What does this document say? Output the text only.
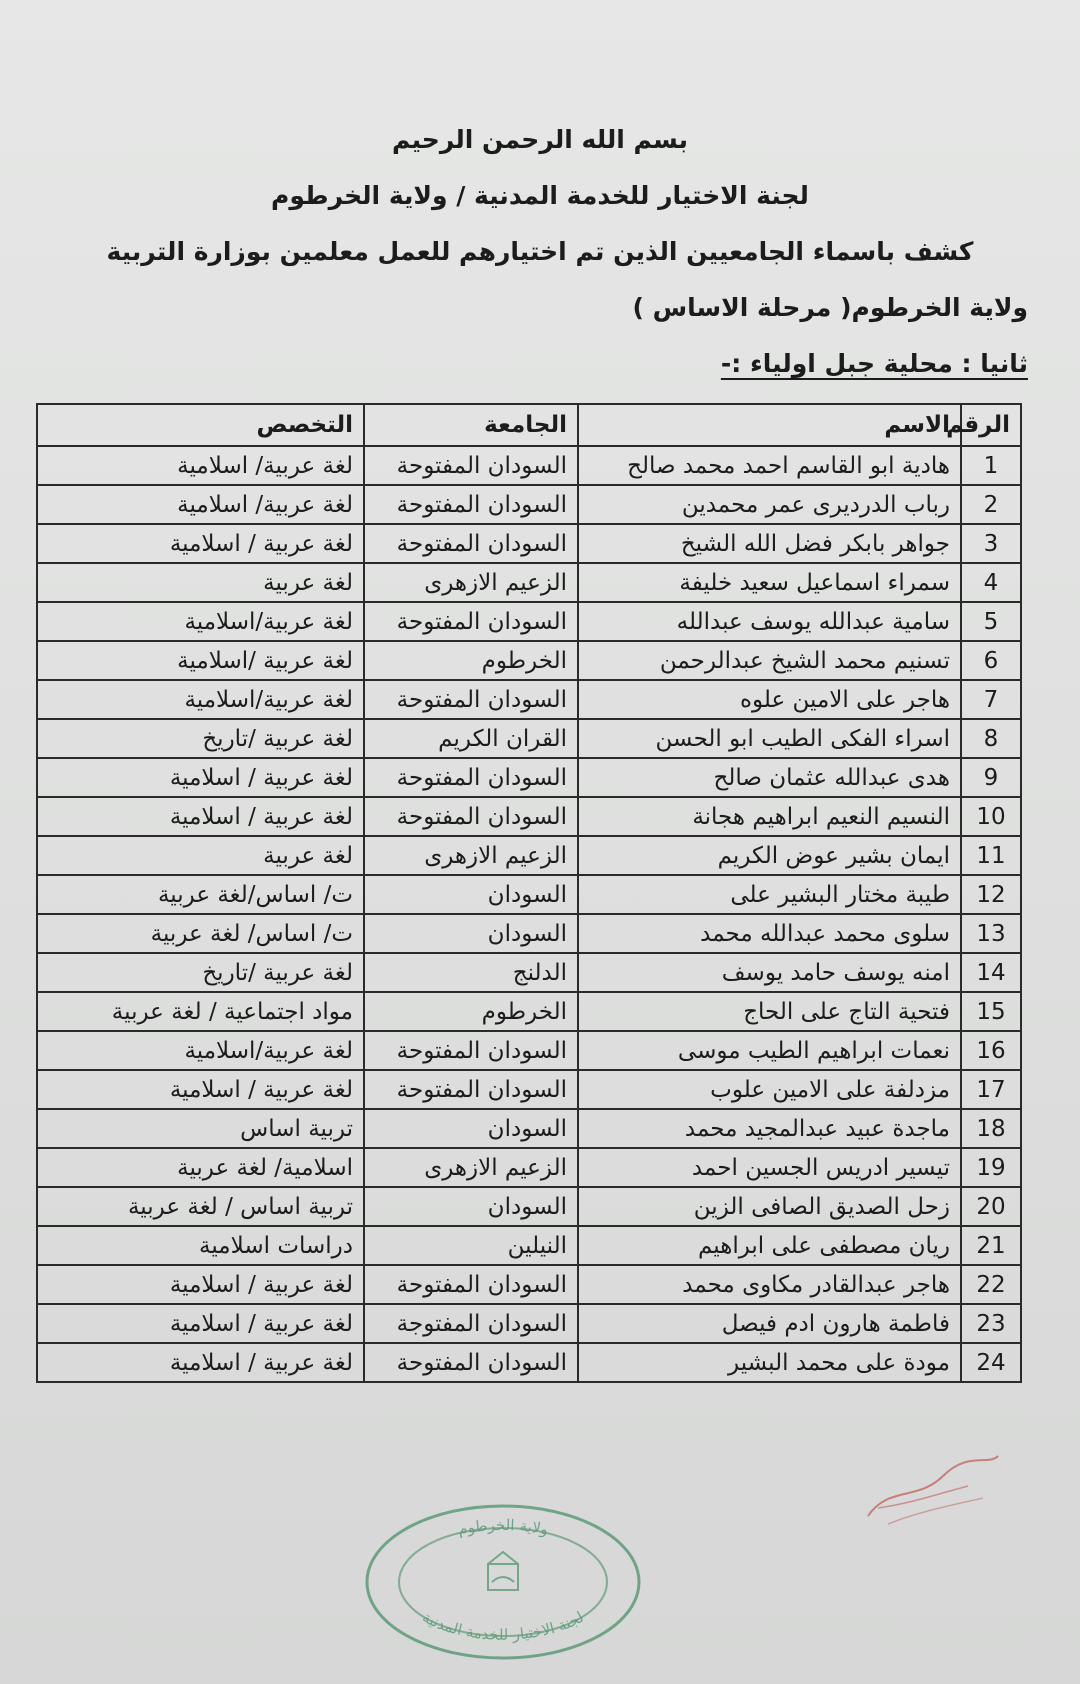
بسم الله الرحمن الرحيم

لجنة الاختيار للخدمة المدنية / ولاية الخرطوم

كشف باسماء الجامعيين الذين تم اختيارهم للعمل معلمين بوزارة التربية

ولاية الخرطوم( مرحلة الاساس )

ثانيا : محلية جبل اولياء :-

الرقم	الاسم	الجامعة	التخصص
1	هادية ابو القاسم احمد محمد صالح	السودان المفتوحة	لغة عربية/ اسلامية
2	رباب الدرديرى عمر محمدين	السودان المفتوحة	لغة عربية/ اسلامية
3	جواهر بابكر فضل الله الشيخ	السودان المفتوحة	لغة عربية / اسلامية
4	سمراء اسماعيل سعيد خليفة	الزعيم الازهرى	لغة عربية
5	سامية عبدالله يوسف عبدالله	السودان المفتوحة	لغة عربية/اسلامية
6	تسنيم محمد الشيخ عبدالرحمن	الخرطوم	لغة عربية /اسلامية
7	هاجر على الامين علوه	السودان المفتوحة	لغة عربية/اسلامية
8	اسراء الفكى الطيب ابو الحسن	القران الكريم	لغة عربية /تاريخ
9	هدى عبدالله عثمان صالح	السودان المفتوحة	لغة عربية / اسلامية
10	النسيم النعيم ابراهيم هجانة	السودان المفتوحة	لغة عربية / اسلامية
11	ايمان بشير عوض الكريم	الزعيم الازهرى	لغة عربية
12	طيبة مختار البشير على	السودان	ت/ اساس/لغة عربية
13	سلوى محمد عبدالله محمد	السودان	ت/ اساس/ لغة عربية
14	امنه يوسف حامد يوسف	الدلنج	لغة عربية /تاريخ
15	فتحية التاج على الحاج	الخرطوم	مواد اجتماعية / لغة عربية
16	نعمات ابراهيم الطيب موسى	السودان المفتوحة	لغة عربية/اسلامية
17	مزدلفة على الامين علوب	السودان المفتوحة	لغة عربية / اسلامية
18	ماجدة عبيد عبدالمجيد محمد	السودان	تربية اساس
19	تيسير ادريس الجسين احمد	الزعيم الازهرى	اسلامية/ لغة عربية
20	زحل الصديق الصافى الزين	السودان	تربية اساس / لغة عربية
21	ريان مصطفى على ابراهيم	النيلين	دراسات اسلامية
22	هاجر عبدالقادر مكاوى محمد	السودان المفتوحة	لغة عربية / اسلامية
23	فاطمة هارون ادم فيصل	السودان المفتوجة	لغة عربية / اسلامية
24	مودة على محمد البشير	السودان المفتوحة	لغة عربية / اسلامية
ولاية الخرطوم
لجنة الاختيار للخدمة المدنية
